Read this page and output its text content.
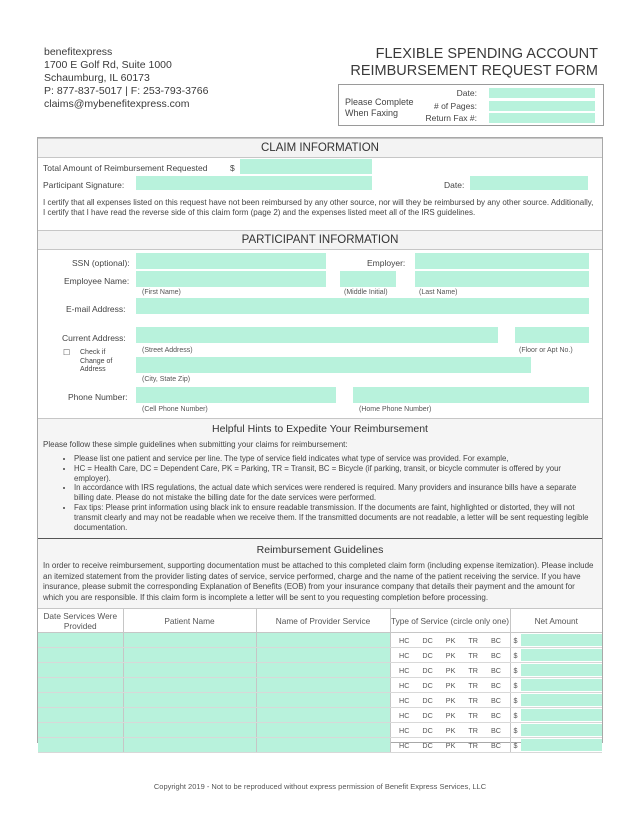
benefitexpress
1700 E Golf Rd, Suite 1000
Schaumburg, IL 60173
P: 877-837-5017 | F: 253-793-3766
claims@mybenefitexpress.com
FLEXIBLE SPENDING ACCOUNT
REIMBURSEMENT REQUEST FORM
Please Complete When Faxing
Date:
# of Pages:
Return Fax #:
CLAIM INFORMATION
Total Amount of Reimbursement Requested	$
Participant Signature:	Date:
I certify that all expenses listed on this request have not been reimbursed by any other source, nor will they be reimbursed by any other source. Additionally, I certify that I have read the reverse side of this claim form (page 2) and the expenses listed meet all of the IRS guidelines.
PARTICIPANT INFORMATION
SSN (optional):	Employer:
Employee Name:
(First Name)	(Middle Initial)	(Last Name)
E-mail Address:
Current Address:
☐ Check if Change of Address
(Street Address)	(Floor or Apt No.)
(City, State Zip)
Phone Number:
(Cell Phone Number)	(Home Phone Number)
Helpful Hints to Expedite Your Reimbursement
Please follow these simple guidelines when submitting your claims for reimbursement:
• Please list one patient and service per line. The type of service field indicates what type of service was provided. For example,
• HC = Health Care, DC = Dependent Care, PK = Parking, TR = Transit, BC = Bicycle (if parking, transit, or bicycle commuter is offered by your employer).
• In accordance with IRS regulations, the actual date which services were rendered is required. Many providers and insurance bills have a separate billing date. Please do not mistake the billing date for the date services were performed.
• Fax tips: Please print information using black ink to ensure readable transmission. If the documents are faint, highlighted or distorted, they will not transmit clearly and may not be readable when we receive them. If the transmitted documents are not readable, a letter will be sent requesting legible documentation.
Reimbursement Guidelines
In order to receive reimbursement, supporting documentation must be attached to this completed claim form (including expense itemization). Please include an itemized statement from the provider listing dates of service, service performed, charge and the name of the patient receiving the service. If you have insurance, please submit the corresponding Explanation of Benefits (EOB) from your insurance company that details their payment and the amount for which you are responsible. If this claim form is incomplete a letter will be sent to you requesting completion before processing.
Date Services Were Provided	Patient Name	Name of Provider Service	Type of Service (circle only one)	Net Amount

			HC DC PK TR BC	$

			HC DC PK TR BC	$

			HC DC PK TR BC	$

			HC DC PK TR BC	$

			HC DC PK TR BC	$

			HC DC PK TR BC	$

			HC DC PK TR BC	$

			HC DC PK TR BC	$
Copyright 2019 - Not to be reproduced without express permission of Benefit Express Services, LLC
